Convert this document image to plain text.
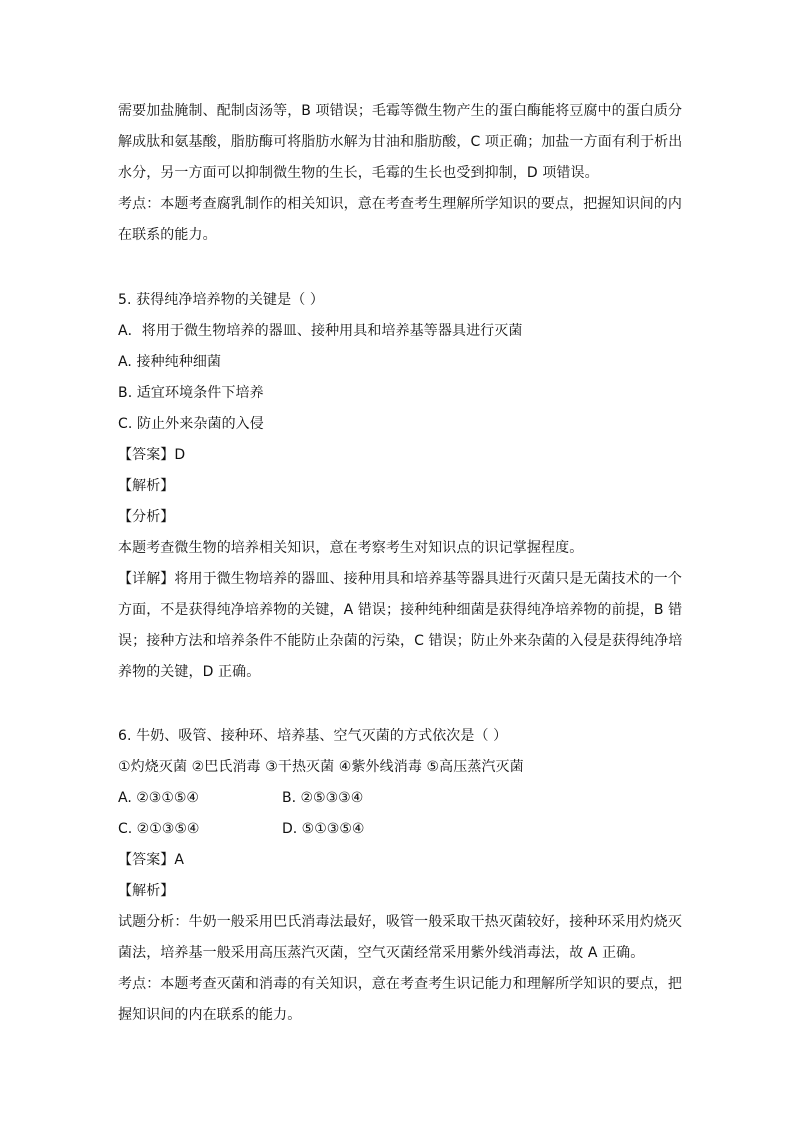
需要加盐腌制、配制卤汤等，B 项错误；毛霉等微生物产生的蛋白酶能将豆腐中的蛋白质分
解成肽和氨基酸，脂肪酶可将脂肪水解为甘油和脂肪酸，C 项正确；加盐一方面有利于析出
水分，另一方面可以抑制微生物的生长，毛霉的生长也受到抑制，D 项错误。
考点：本题考查腐乳制作的相关知识，意在考查考生理解所学知识的要点，把握知识间的内
在联系的能力。
5. 获得纯净培养物的关键是（ ）
A．将用于微生物培养的器皿、接种用具和培养基等器具进行灭菌
A. 接种纯种细菌
B. 适宜环境条件下培养
C. 防止外来杂菌的入侵
【答案】D
【解析】
【分析】
本题考查微生物的培养相关知识，意在考察考生对知识点的识记掌握程度。
【详解】将用于微生物培养的器皿、接种用具和培养基等器具进行灭菌只是无菌技术的一个
方面，不是获得纯净培养物的关键，A 错误；接种纯种细菌是获得纯净培养物的前提，B 错
误；接种方法和培养条件不能防止杂菌的污染，C 错误；防止外来杂菌的入侵是获得纯净培
养物的关键，D 正确。
6. 牛奶、吸管、接种环、培养基、空气灭菌的方式依次是（ ）
①灼烧灭菌 ②巴氏消毒 ③干热灭菌 ④紫外线消毒 ⑤高压蒸汽灭菌
A. ②③①⑤④	B. ②⑤③③④
C. ②①③⑤④	D. ⑤①③⑤④
【答案】A
【解析】
试题分析：牛奶一般采用巴氏消毒法最好，吸管一般采取干热灭菌较好，接种环采用灼烧灭
菌法，培养基一般采用高压蒸汽灭菌，空气灭菌经常采用紫外线消毒法，故 A 正确。
考点：本题考查灭菌和消毒的有关知识，意在考查考生识记能力和理解所学知识的要点，把
握知识间的内在联系的能力。
